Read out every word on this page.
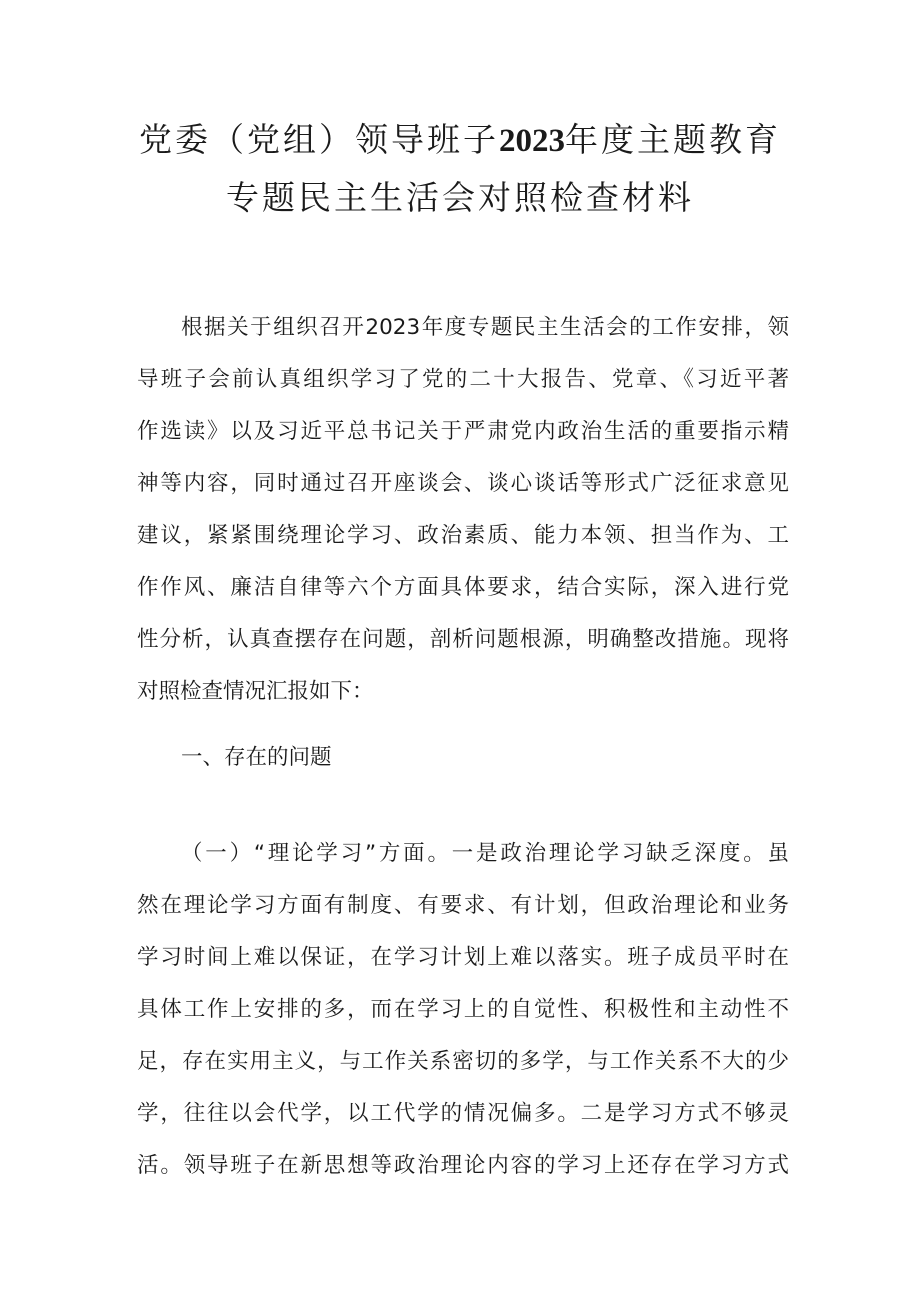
党委（党组）领导班子2023年度主题教育
专题民主生活会对照检查材料
根据关于组织召开2023年度专题民主生活会的工作安排，领
导班子会前认真组织学习了党的二十大报告、党章、《习近平著
作选读》以及习近平总书记关于严肃党内政治生活的重要指示精
神等内容，同时通过召开座谈会、谈心谈话等形式广泛征求意见
建议，紧紧围绕理论学习、政治素质、能力本领、担当作为、工
作作风、廉洁自律等六个方面具体要求，结合实际，深入进行党
性分析，认真查摆存在问题，剖析问题根源，明确整改措施。现将
对照检查情况汇报如下：
一、存在的问题
（一）“理论学习”方面。一是政治理论学习缺乏深度。虽
然在理论学习方面有制度、有要求、有计划，但政治理论和业务
学习时间上难以保证，在学习计划上难以落实。班子成员平时在
具体工作上安排的多，而在学习上的自觉性、积极性和主动性不
足，存在实用主义，与工作关系密切的多学，与工作关系不大的少
学，往往以会代学，以工代学的情况偏多。二是学习方式不够灵
活。领导班子在新思想等政治理论内容的学习上还存在学习方式
